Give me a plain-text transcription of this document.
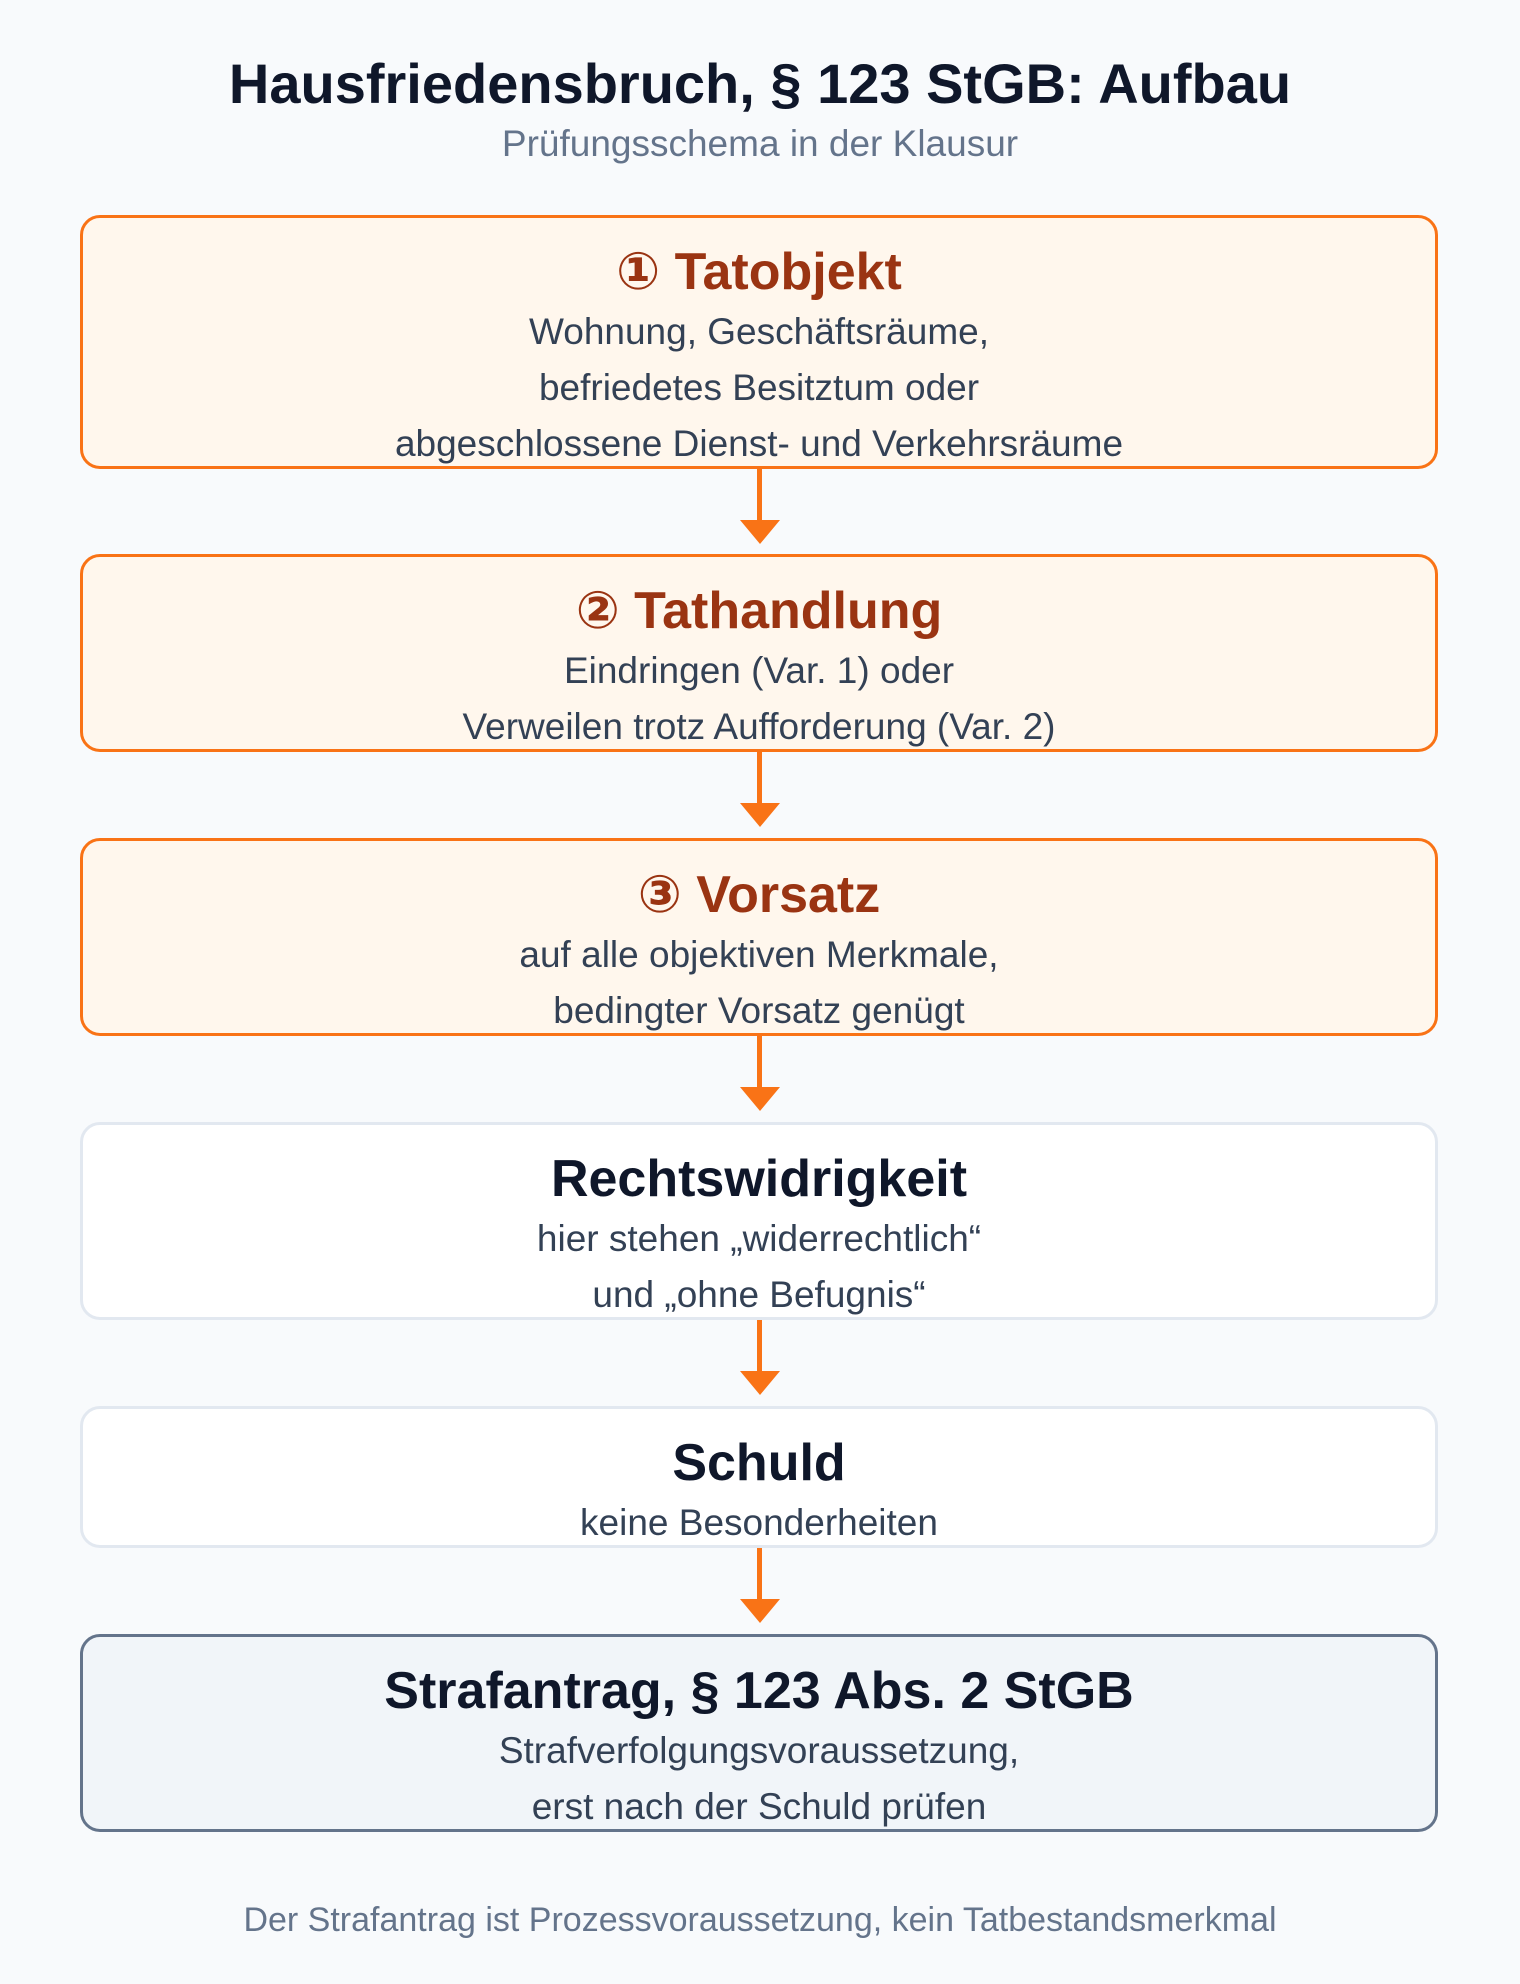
Hausfriedensbruch, § 123 StGB: Aufbau
Prüfungsschema in der Klausur
① Tatobjekt
Wohnung, Geschäftsräume,
befriedetes Besitztum oder
abgeschlossene Dienst- und Verkehrsräume
② Tathandlung
Eindringen (Var. 1) oder
Verweilen trotz Aufforderung (Var. 2)
③ Vorsatz
auf alle objektiven Merkmale,
bedingter Vorsatz genügt
Rechtswidrigkeit
hier stehen „widerrechtlich“
und „ohne Befugnis“
Schuld
keine Besonderheiten
Strafantrag, § 123 Abs. 2 StGB
Strafverfolgungsvoraussetzung,
erst nach der Schuld prüfen
Der Strafantrag ist Prozessvoraussetzung, kein Tatbestandsmerkmal
